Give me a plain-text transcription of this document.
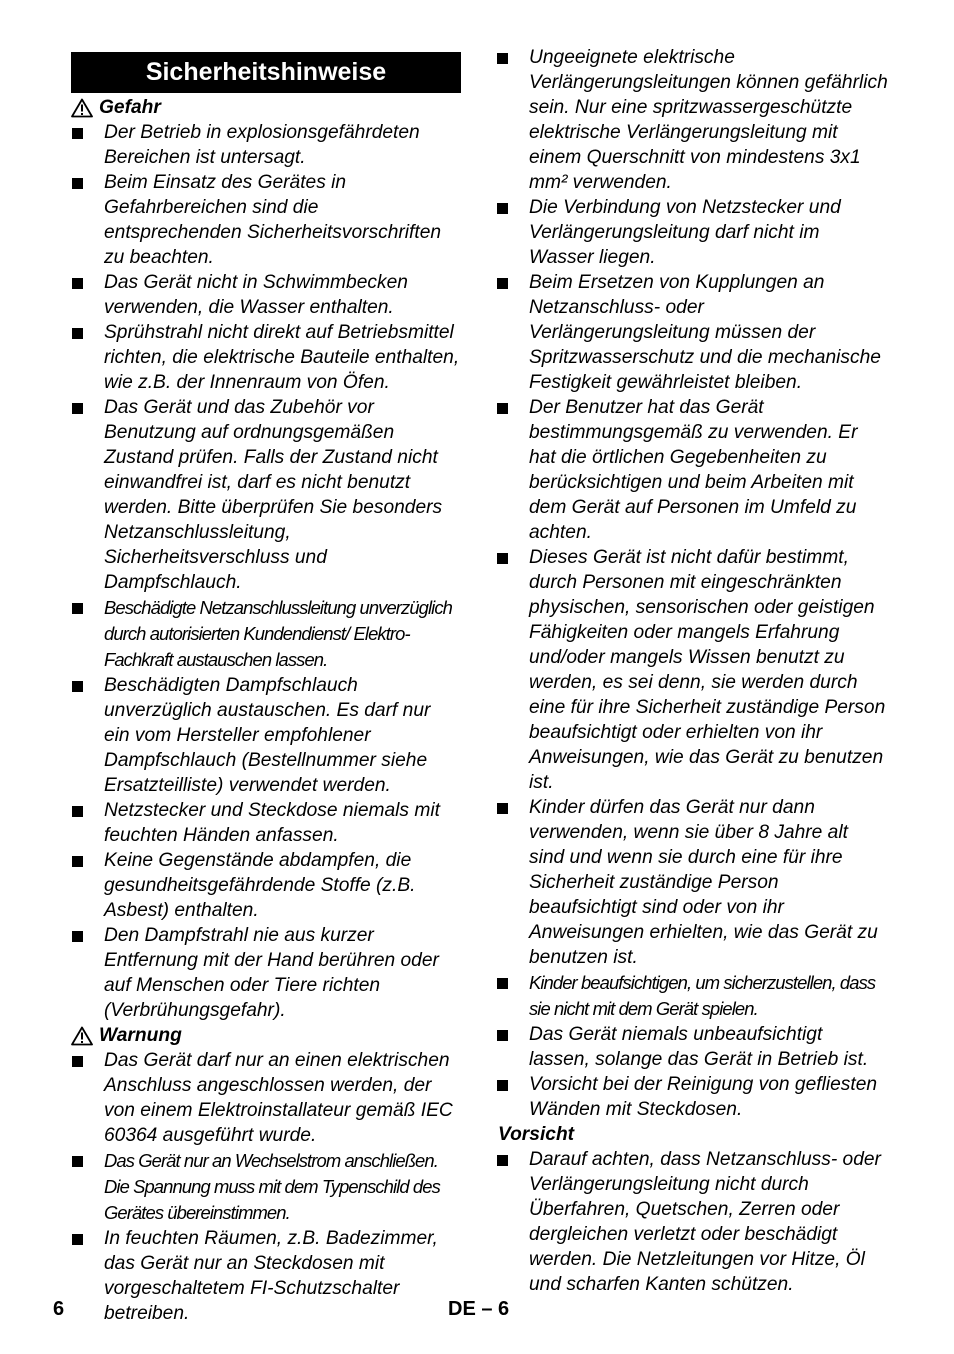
Sicherheitshinweise
Gefahr
Der Betrieb in explosionsgefährdeten Bereichen ist untersagt.
Beim Einsatz des Gerätes in Gefahrbereichen sind die entsprechenden Sicherheitsvorschriften zu beachten.
Das Gerät nicht in Schwimmbecken verwenden, die Wasser enthalten.
Sprühstrahl nicht direkt auf Betriebsmittel richten, die elektrische Bauteile enthalten, wie z.B. der Innenraum von Öfen.
Das Gerät und das Zubehör vor Benutzung auf ordnungsgemäßen Zustand prüfen. Falls der Zustand nicht einwandfrei ist, darf es nicht benutzt werden. Bitte überprüfen Sie besonders Netzanschlussleitung, Sicherheitsverschluss und Dampfschlauch.
Beschädigte Netzanschlussleitung unverzüglich durch autorisierten Kundendienst/ Elektro-Fachkraft austauschen lassen.
Beschädigten Dampfschlauch unverzüglich austauschen. Es darf nur ein vom Hersteller empfohlener Dampfschlauch (Bestellnummer siehe Ersatzteilliste) verwendet werden.
Netzstecker und Steckdose niemals mit feuchten Händen anfassen.
Keine Gegenstände abdampfen, die gesundheitsgefährdende Stoffe (z.B. Asbest) enthalten.
Den Dampfstrahl nie aus kurzer Entfernung mit der Hand berühren oder auf Menschen oder Tiere richten (Verbrühungsgefahr).
Warnung
Das Gerät darf nur an einen elektrischen Anschluss angeschlossen werden, der von einem Elektroinstallateur gemäß IEC 60364 ausgeführt wurde.
Das Gerät nur an Wechselstrom anschließen. Die Spannung muss mit dem Typenschild des Gerätes übereinstimmen.
In feuchten Räumen, z.B. Badezimmer, das Gerät nur an Steckdosen mit vorgeschaltetem FI-Schutzschalter betreiben.
Ungeeignete elektrische Verlängerungsleitungen können gefährlich sein. Nur eine spritzwassergeschützte elektrische Verlängerungsleitung mit einem Querschnitt von mindestens 3x1 mm² verwenden.
Die Verbindung von Netzstecker und Verlängerungsleitung darf nicht im Wasser liegen.
Beim Ersetzen von Kupplungen an Netzanschluss- oder Verlängerungsleitung müssen der Spritzwasserschutz und die mechanische Festigkeit gewährleistet bleiben.
Der Benutzer hat das Gerät bestimmungsgemäß zu verwenden. Er hat die örtlichen Gegebenheiten zu berücksichtigen und beim Arbeiten mit dem Gerät auf Personen im Umfeld zu achten.
Dieses Gerät ist nicht dafür bestimmt, durch Personen mit eingeschränkten physischen, sensorischen oder geistigen Fähigkeiten oder mangels Erfahrung und/oder mangels Wissen benutzt zu werden, es sei denn, sie werden durch eine für ihre Sicherheit zuständige Person beaufsichtigt oder erhielten von ihr Anweisungen, wie das Gerät zu benutzen ist.
Kinder dürfen das Gerät nur dann verwenden, wenn sie über 8 Jahre alt sind und wenn sie durch eine für ihre Sicherheit zuständige Person beaufsichtigt sind oder von ihr Anweisungen erhielten, wie das Gerät zu benutzen ist.
Kinder beaufsichtigen, um sicherzustellen, dass sie nicht mit dem Gerät spielen.
Das Gerät niemals unbeaufsichtigt lassen, solange das Gerät in Betrieb ist.
Vorsicht bei der Reinigung von gefliesten Wänden mit Steckdosen.
Vorsicht
Darauf achten, dass Netzanschluss- oder Verlängerungsleitung nicht durch Überfahren, Quetschen, Zerren oder dergleichen verletzt oder beschädigt werden. Die Netzleitungen vor Hitze, Öl und scharfen Kanten schützen.
6	DE – 6
